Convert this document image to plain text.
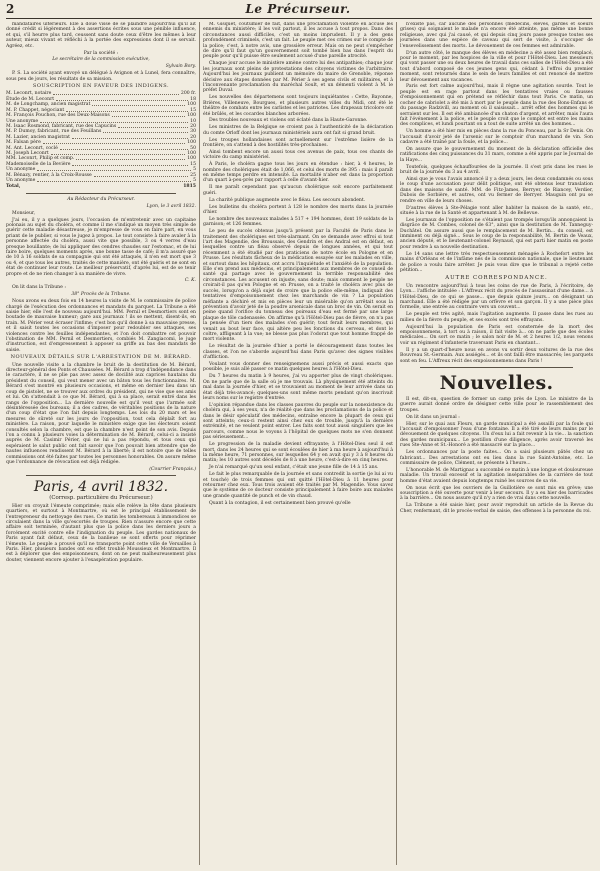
2	Le Précurseur.

mandataires ultérieurs. Elle a doué visse de se plaindre aujourd'hui qu'il ait donné crédit si légèrement à des assertions écrites sous une pénible influence, et qui, s'il heurre plus tard, ceussent sans doute ceux d'être les mêmes à leur auteur, mieux vivant et réfléchi à la portée des expressions dont il se servait. Agréez, etc.

Par la société :

Le secrétaire de la commission exécutive,

Sylvain Bory.

P. S. La société ayant envoyé un délégué à Avignon et à Lunel, fera connaître, sous peu de jours, les résultats de sa mission.

SOUSCRIPTION EN FAVEUR DES INDIGENS.
M. Leconrt, notaire	200 fr.
Étude de M. Leconrt	18
M. de Longchamp, ancien magistrat	100
M. P. Chappet, négociant	15
M. François Pouchon, rue des Deux-Maisons	100
Une anonyme	10
M. Isaac Rosmond, fabricant, rue des Capucins	20
M. P. Dumoy, fabricant, rue des Feuillans	30
M. Lazier, ancien magistrat	20
M. Falsan père	100
M. Ant. Leconrt, coclé	50
M. Joseph Leconrt	100
MM. Leconrt, Philip et comp.	100
Mademoiselle de la Bevière	15
Un anonyme	5
M. Bénazy, rentier, à la Croix-Rousse	25
Un anonyme	5
Total,	1815

Au Rédacteur du Précurseur.

Lyon, le 3 avril 1832.

Monsieur,

J'ai eu, il y a quelques jours, l'occasion de m'entretenir avec un capitaine polonais au sujet du choléra, et comme il me s'indiqué un moyen très simple de guérir cette maladie désastreuse, je m'empresse de vous en faire part, en vous priant de le publier, si vous le jugez à propos. Le tout consiste à faire avaler à la personne affectée du choléra, aussi vite que possible, 3 ou 4 verres d'eau presque bouillante; de lui appliquer des cendres chaudes sur l'estomac, et de lui faire boire, quelques moments après, une bonne tasse de café; il m'a assuré que de 10 à 16 soldats de sa compagnie qui ont été attaqués, il n'en est mort que 3 ou 4, et que tous les autres, traités de cette manière, ont été guéris et ne sont en état de continuer leur route. Le meilleur préservatif, d'après lui, est de se tenir propre et de ne rien changer à sa manière de vivre.

C. K.

On lit dans la Tribune :

38° Procès de la Tribune.

Nous avons eu deux fois en 14 heures la visite de M. le commissaire de police chargé de l'exécution des ordonnances et mandats du parquet. La Tribune a été saisie hier, elle l'est de nouveau aujourd'hui. MM. Pernil et Desmortiers sont en boutade de mauvaise humeur; gare aux journaux ! ils se mettent, disent-ils, en train. M. Périer veut écraser l'infime; c'est bon qu'il donne à sa mauvaise presse, et il saisit toutes les occasions d'imposer pour redoubler ses attaques, ses violences contre les feuilles indépendantes, et l'on doit combattre cet pouvoir l'obstination de MM. Pernil et Desmortiers, combiés M. Zangiacomi, le juge d'instruction, est d'empressement à apposer sa griffe au bas des mandats de saisie.

NOUVEAUX DÉTAILS SUR L'ARRESTATION DE M. BÉRARD.

Une nouvelle visite a la chambre le bruit de la destitution de M. Bérard, directeur-général des Ponts et Chaussées. M. Bérard a trop d'indépendance dans le caractère, il ne se plie pas avec assez de docilité aux caprices hautains du président du conseil, qui veut mener avec un bâton tous les fonctionnaires. M. Bérard s'est montré en plusieurs occasions, et même en dernier lieu dans un coup de pistolet, ne se trouver aux ordres du président, qui ne vise que ses amis et lui. On s'attendait à ce que M. Bérard, qui à sa place, serait entré dans les rangs de l'opposition... La dernière nouvelle est qu'il veut que l'armée soit désintéressée des bureaux; il a des cadres, de véritables positions de la nature d'un coup d'état que l'on fait depuis longtemps. Les lois du 20 mars et les mesures de sûreté sur les jours de l'opposition, tout cela déplaît fort au ministère. La raison, pour laquelle le ministère exige que les électeurs soient consultés selon la chambre, est que la chambre n'est point de son avis. Depuis l'on a connu à plusieurs voies la détermination de M. Bérard, celui-ci a insisté auprès de M. Casimir Périer, qui ne lui a pas répondu, et tous ceux qui espéraient le salut public ont fait savoir que l'on pouvait bien attendre que de hautes influences rendissent M. Bérard à la liberté; il est notoire que de telles commissions ont été faites par toutes les personnes honorables. On assure même que l'ordonnance de révocation est déjà rédigée.

(Courrier Français.)

Paris, 4 avril 1832.
(Corresp. particulière du Précurseur.)

Hier on croyait l'émeute comprimée; mais elle relève la tête dans plusieurs quartiers, et surtout à Montmartre, où est le principal établissement de l'entrepreneur du nettoyage des rues. Ce matin les tombereaux à immondices se circulaient dans la ville qu'escortés de troupes. Rien n'assure encore que cette affaire soit terminée, d'autant plus que la police dans les derniers jours a forcément excité contre elle l'indignation du peuple. Les gardes nationaux de Paris ayant fait défaut, ceux de la banlieue se sont offerts pour réprimer l'émeute. Le peuple a prouvé qu'il ne transporte point cette ville de Versailles à Paris. Hier, plusieurs bandes ont eu effet troublé Moussieux et Montmartre. Il est à déplorer que des empoisonneurs, dont on ne peut malheureusement plus douter, viennent encore ajouter à l'exaspération populaire.

M. Gisquet, coutumier de fait, dans une proclamation violente en accuse les ennemis du ministère; il les voit partout, il les accuse à tout propos. Dans des circonstances aussi difficiles, c'est un moins imprudent. Il y a des gens profondément criminels, c'est un fait. Le peuple met ces crimes sur le compte de la police; c'est, à notre avis, une grossière erreur. Mais on ne peut s'empêcher de dire qu'il faut qu'un gouvernement soit tombé bien bas dans l'esprit du peuple pour qu'il puisse être seulement accusé d'une pareille atrocité.

Chaque jour accuse le ministère amène contre lui des antipathies; chaque jour les journaux sont pleins de protestations des citoyens victimes de l'arbitraire. Aujourd'hui les journaux publient un mémoire du maire de Grenoble, réponse décisive aux étapes données par M. Périer à ses agens civils et militaires, et à l'inconvenante proclamation du maréchal Soult, et un démenti violent à M. le préfet Duval.

Les nouvelles des départemens sont toujours inquiétantes : Cette, Bayonne, Brières, Villeneuve, Bourgues, et plusieurs autres villes du Midi, ont été le théâtre de combats entre les carlistes et les patriotes. Les drapeaux tricolore ont été brûlés, et les cocardes blanches arborées.

Des troubles nouveaux et violens ont éclaté dans la Haute-Garonne.

Les ministres de la Belgique se croient pas à l'authenticité de la déclaration du comte Orloff dont les journaux ministériels aura ont fait si grand bruit.

Les troupes hollandaises sont actuellement sur l'extrême lisière de la frontière, on s'attend à des hostilités très-prochaines.

Ainsi tombent encore un aussi tous ces avenus de paix, tous ces chants de victoire du camp ministériel.

À Paris, le choléra gagne tous les jours en étendue : hier, à 4 heures, le nombre des cholériques était de 1,066, et celui des morts de 395 : mais il paraît en même temps perdre en intensité. La mortalité n'aber est dans la proportion d'un quart à-peu-près par rapport à celle d'avant-hier.

Il me paraît cependant pas qu'aucun cholérique soit encore parfaitement guéri.

La charité publique augmente avec le fléau. Les secours abondent.

Les bulletins du choléra portent à 128 le nombre des morts dans la journée d'hier.

Le nombre des nouveaux malades à 517 + 194 hommes, dont 19 soldats de la garnison; et 126 femmes.

Le peu de succès obtenus jusqu'à présent par la Faculté de Paris dans le traitement des cholériques est très-alarmant. On se demande avec effroi si tout l'art des Magendie, des Broussais, des Gendrin et des Andral est en défaut, en lesquelles contre un fléau observé depuis de longues années, et qui tout récemment a été étudié par des praticiens de notre école en Pologne et en Prusse. Les résultats fâcheux de la médication essayée sur les malades en ville, et surtout dans les hôpitaux, ont accru l'inquiétude et l'anxiété de la population. Elle s'en prend aux médecins, et principalement aux membres de ce conseil de santé qui partage avec le gouvernement la terrible responsabilité des circonstances. Les accusent on injuste, sans doute; mais comment le peuple ne croirait-il pas qu'en Pologne et en Prusse, on a traité le choléra avec plus de succès, lorsqu'on a déjà sujet de croire que la police elle-même, indiquait des tentatives d'empoisonnement chez les marchands de vin ? La population méfiante a déchiré et mis en pièces leur un misérable qu'on arrêtait sous la prévention d'avoir jeté de la poudre arsenicale dans un broc de vin. On serait en peine quand l'orifice du tonneau des poireaux d'eau est fermé par une large plaque de tôle cadenassée. On affirme qu'à l'Hôtel-Dieu pas de fièvre, on n'a pas la pensée d'un tiers des malades s'en guérir; tout ferait leurs membres, qui venait au bout leur face, qui altère peu les fonctions du cerveau, et dont le coltre, affligeant à la vue; ne blesse pas plus l'odorat que tout homme frappé de mort violente.

Le résultat de la journée d'hier a porté le découragement dans toutes les classes, et l'on ne s'aborde aujourd'hui dans Paris qu'avec des signes visibles d'affliction.

Voulant vous donner des renseignemens aussi précis et aussi exacts que possible, je suis allé passer ce matin quelques heures à l'Hôtel-Dieu.

Du 7 heures du matin à 9 heures, j'ai vu apporter plus de vingt cholériques. On ne parle que de la salle où je me trouvais. Là physiquement été atteints du mal dans la journée d'hier, et se trouvaient au moment de leur arrivée dans un état déjà très-avancé; quelques-uns sont même morts pendant qu'on inscrivait leurs noms sur le registre d'entrée.

L'opinion répandue dans les classes pauvres du peuple sur la nonexistence du choléra qui, à ses yeux, n'a de réalité que dans les proclamations de la police et dans le désir spéculatif des médecins, entraîne encore la plupart de ceux qui sont atteints; ceux-ci restent ainsi chez eux de trouble, jusqu'à la dernière extrémité, et ne veulent point entrer. Les faits sont tout aussi singuliers que les parcours, comme nous le voyons à l'hôpital de quelques mots ne s'en donnent pas sérieusement...

Le progression de la maladie devient effrayante; à l'Hôtel-Dieu seul il est mort, dans les 24 heures qui se sont écoulées de hier à ma heure à aujourd'hui à la même heure, 71 personnes, sur lesquelles 64 y en avait qui y 3 à 8 heures du matin; les 10 autres sont décédés de 8 à une heure, c'est-à-dire en cinq heures.

Je n'ai remarqué qu'un seul enfant, c'était une jeune fille de 14 à 15 ans.

Le fait le plus remarquable de la journée et sans contredit la sortie (je lui ai vu et touché) de trois femmes qui ont quitté l'Hôtel-Dieu à 11 heures pour retourner chez eux. Tous trois avaient été traités par M. Magendie. Vous savez que le système de ce docteur consiste principalement à faire boire aux malades une grande quantité de punch et de vin chaud.

Quant à la contagion, il est certainement bien prouvé qu'elle

n'existe pas, car aucune des personnes (médecins, élèves, gardes et soeurs grises) qui soignaient le malade n'a encore été atteinte, pas même une bonne religieuse, avec qui j'ai causé, et qui depuis cinq jours passe presque toutes ses journées dans une espèce de caveau qui sert de visite, à s'occuper de l'ensevelissement des morts. Le dévouement de ces femmes est admirable.

D'un autre côté, le manque des élèves en médecine a été assez bien remplacé, pour le moment, par les hospices de la ville et pour l'Hôtel-Dieu. Les messieurs qui vont passer une ou deux heures de travail dans ces salles de l'Hôtel-Dieu a été tout d'abord composé de ces jeunes gens qui, cédant à l'effroi du premier moment, sont retournés dans le sein de leurs familles et ont renoncé de mettre leur dévouement aux vacances.

Paris est fort calme aujourd'hui, mais il règne une agitation sourde. Tout le peuple est en rage partout dans les tentatives vraies ou fausses d'empoisonnement qui en prétend se réfléchir dans tout Paris. Ce matin, un cocher de cabriolet a été mis à mort par le peuple dans la rue des Bons-Enfans et du passage Radzivill, au moment où il saisissait... arrêt effet des hommes qui le serraient sur les. Il est été ambiancée d'un chaton d'argent, et arrêter, mais l'aura fait l'événement à la police, et le peuple croit que le complot est entre les mains des complices, et lundi pourtant on a tout de suite arrêté un des hommes...

Un homme a été hier mis en pièces dans la rue du Ponceau, par la Sr Denis. On l'accusait d'avoir jeté de l'arsenic sur le comptoir d'un marchand de vin. Son cadavre a été traîné par la foule, et la police...

On assure que le gouvernement du moment de la déclaration officielle des ratifications des cinq puissances du 31 mars, comme a été appris par le Journal de la Haye...

Toutefois, quelques échauffourées de la journée. Il s'est pris dans les rues le bruit de la journée du 3 au 4 avril.

Ainsi que je vous l'avais annoncé il y a deux jours, les deux condamnés ou sous le coup d'une accusation pour délit politique, ont été obtenus leur translation dans des maisons de santé. MM. de Fitz-James, Berryer, de Riancey, Verdier, Dubois de Sorbière, et autres, ont vu fermer de Berryer. Mauguin ont pu se rendre en ville de leurs choses.

D'autres élèves à Ste-Pélagie vont aller habiter la maison de la santé, etc., située à la rue de la Santé et appartenant à M. de Bellevue.

Les journaux de l'opposition ne s'étaient pas trompés lorsqu'ils annonçaient la disgrâce de M. Combes, colonel de 63°, ainsi que la destitution de M. Tanneguy-Duchâtel. On assure aussi que le remplacement de M. Bertin... du conseil, est imminent ou déjà signé... Sous le coup de la responsabilité, M. Bertin de Veaux, ancien député, et le lieutenant-colonel Reynaud, qui est parti hier matin en poste pour rendre à sa nouvelle destination.

Le 14 sans une lettre très respectueusement ménagée à Rochefort entre les mains d'Orléans et de l'infâme nés de la commission nationale, que le lieutenant de police a voulu faire arrêter. Je puis vous dire que le tribunal a rejeté cette pétition...

AUTRE CORRESPONDANCE.

Un rencontre aujourd'hui à tous les coins de rue de Paris, à l'écritoire, de Lyon... l'affiche intitulée : L'Affreux récit du procès de l'assassinat d'une dame... à l'Hôtel-Dieu, de ce qui se passe... que depuis quinze jours... on désignant un marchand. Elle a été rédigée par un orfèvre et son garçon. Il y a une pièce plus formelle, une entrée au contraire vers un couvent...

Le peuple est très agité, mais l'agitation augmente. Il passe dans les rues au milieu de la fièvre du peuple, et ses excès sont très effrayans.

Aujourd'hui la population de Paris est consternée de la mort des empoisonnemens, à tort ou à raison, il fait visite à... on ne parle que des écoles médicales... On sort ce matin ; le salon noir de M. et 2 heures 1/2, nous venons voir un régiment d'infanterie traversant Paris en chantant...

Il y a un quart-d'heure nous en avons vu sortir deux voitures de la rue des Bouvreau St.-Germain. Aux assiégés... et ils ont failli être massacrés; les parquets sont en feu. L'Affreux récit des empoisonnemens dans Paris !

Nouvelles.

Il est, dit-on, question de former un camp près de Lyon. Le ministre de la guerre aurait donné ordre de désigner cette ville pour le rassemblement des troupes.

On lit dans un journal :

Hier, sur le quai aux Fleurs, un garde municipal a été assailli par la foule qui l'accusait d'empoisonner l'eau d'une fontaine. Il a été tiré de leurs mains par le dévouement de quelques citoyens. Un d'eux lui a fait revenir à la vie... la sanction des gardes municipaux... Le postillon d'une diligence, après avoir traversé les rues Ste-Anne et St.-Honoré a été massacré sur la place...

Les ordonnances par la poste faites... On a saisi plusieurs pâtés chez un fabricant... Des arrestations ont eu lieu dans la rue Saint-Antoine, etc. Le commissaire de police, Clément, se présente à l'heure...

L'honorable M. de Martignac a succombé ce matin à une longue et douloureuse maladie. Un travail excessif et la agitation inséparables de la carrière de tout homme d'état avaient depuis longtemps ruiné les sources de sa vie.

On nous écrit que les ouvriers de la Guillotière se sont mis en grève; une souscription a été ouverte pour venir à leur secours. Il y a eu hier des barricades à la barrière... On nous assure qu'il n'y a rien de vrai dans cette nouvelle.

La Tribune a été saisie hier, pour avoir reproduit un article de la Revue du Cher, renfermant, dit le procès-verbal de saisie, des offenses à la personne du roi.
